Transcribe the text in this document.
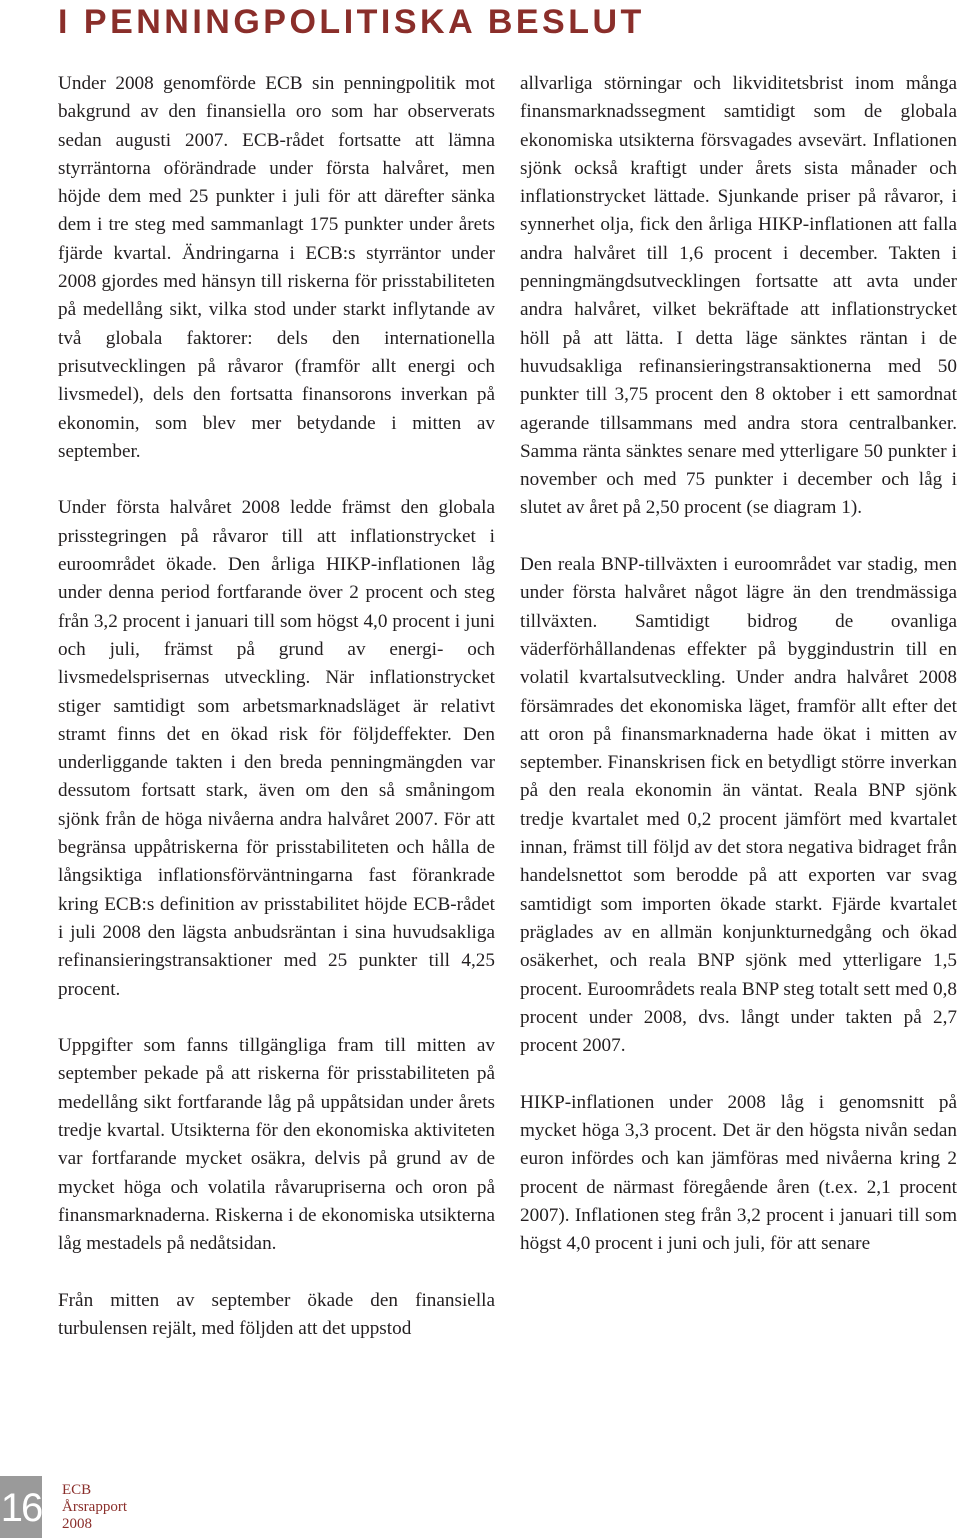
I PENNINGPOLITISKA BESLUT

Under 2008 genomförde ECB sin penningpolitik mot bakgrund av den finansiella oro som har observerats sedan augusti 2007. ECB-rådet fortsatte att lämna styrräntorna oförändrade under första halvåret, men höjde dem med 25 punkter i juli för att därefter sänka dem i tre steg med sammanlagt 175 punkter under årets fjärde kvartal. Ändringarna i ECB:s styrräntor under 2008 gjordes med hänsyn till riskerna för prisstabiliteten på medellång sikt, vilka stod under starkt inflytande av två globala faktorer: dels den internationella prisutvecklingen på råvaror (framför allt energi och livsmedel), dels den fortsatta finansorons inverkan på ekonomin, som blev mer betydande i mitten av september.

Under första halvåret 2008 ledde främst den globala prisstegringen på råvaror till att inflationstrycket i euroområdet ökade. Den årliga HIKP-inflationen låg under denna period fortfarande över 2 procent och steg från 3,2 procent i januari till som högst 4,0 procent i juni och juli, främst på grund av energi- och livsmedelsprisernas utveckling. När inflationstrycket stiger samtidigt som arbetsmarknadsläget är relativt stramt finns det en ökad risk för följdeffekter. Den underliggande takten i den breda penningmängden var dessutom fortsatt stark, även om den så småningom sjönk från de höga nivåerna andra halvåret 2007. För att begränsa uppåtriskerna för prisstabiliteten och hålla de långsiktiga inflationsförväntningarna fast förankrade kring ECB:s definition av prisstabilitet höjde ECB-rådet i juli 2008 den lägsta anbudsräntan i sina huvudsakliga refinansieringstransaktioner med 25 punkter till 4,25 procent.

Uppgifter som fanns tillgängliga fram till mitten av september pekade på att riskerna för prisstabiliteten på medellång sikt fortfarande låg på uppåtsidan under årets tredje kvartal. Utsikterna för den ekonomiska aktiviteten var fortfarande mycket osäkra, delvis på grund av de mycket höga och volatila råvarupriserna och oron på finansmarknaderna. Riskerna i de ekonomiska utsikterna låg mestadels på nedåtsidan.

Från mitten av september ökade den finansiella turbulensen rejält, med följden att det uppstod

allvarliga störningar och likviditetsbrist inom många finansmarknadssegment samtidigt som de globala ekonomiska utsikterna försvagades avsevärt. Inflationen sjönk också kraftigt under årets sista månader och inflationstrycket lättade. Sjunkande priser på råvaror, i synnerhet olja, fick den årliga HIKP-inflationen att falla andra halvåret till 1,6 procent i december. Takten i penningmängdsutvecklingen fortsatte att avta under andra halvåret, vilket bekräftade att inflationstrycket höll på att lätta. I detta läge sänktes räntan i de huvudsakliga refinansieringstransaktionerna med 50 punkter till 3,75 procent den 8 oktober i ett samordnat agerande tillsammans med andra stora centralbanker. Samma ränta sänktes senare med ytterligare 50 punkter i november och med 75 punkter i december och låg i slutet av året på 2,50 procent (se diagram 1).

Den reala BNP-tillväxten i euroområdet var stadig, men under första halvåret något lägre än den trendmässiga tillväxten. Samtidigt bidrog de ovanliga väderförhållandenas effekter på byggindustrin till en volatil kvartalsutveckling. Under andra halvåret 2008 försämrades det ekonomiska läget, framför allt efter det att oron på finansmarknaderna hade ökat i mitten av september. Finanskrisen fick en betydligt större inverkan på den reala ekonomin än väntat. Reala BNP sjönk tredje kvartalet med 0,2 procent jämfört med kvartalet innan, främst till följd av det stora negativa bidraget från handelsnettot som berodde på att exporten var svag samtidigt som importen ökade starkt. Fjärde kvartalet präglades av en allmän konjunkturnedgång och ökad osäkerhet, och reala BNP sjönk med ytterligare 1,5 procent. Euroområdets reala BNP steg totalt sett med 0,8 procent under 2008, dvs. långt under takten på 2,7 procent 2007.

HIKP-inflationen under 2008 låg i genomsnitt på mycket höga 3,3 procent. Det är den högsta nivån sedan euron infördes och kan jämföras med nivåerna kring 2 procent de närmast föregående åren (t.ex. 2,1 procent 2007). Inflationen steg från 3,2 procent i januari till som högst 4,0 procent i juni och juli, för att senare

16 ECB
Årsrapport
2008
